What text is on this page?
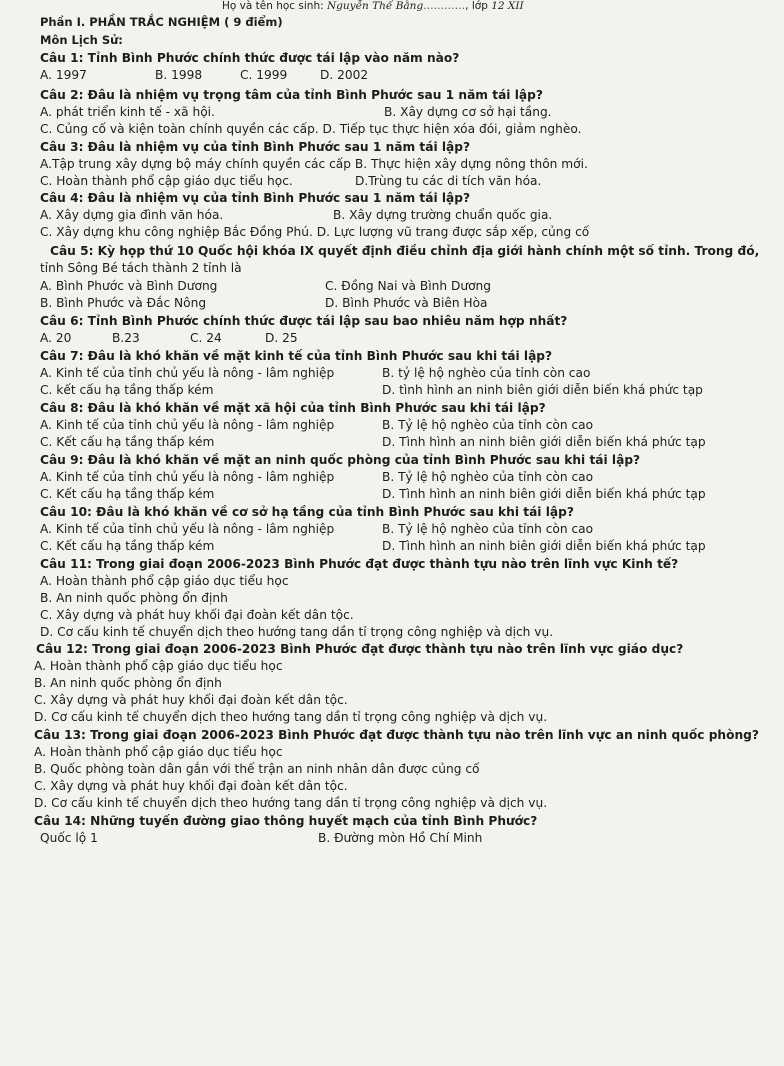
Họ và tên học sinh: Nguyễn Thế Bằng…………, lớp 12 XII
Phần I. PHẦN TRẮC NGHIỆM ( 9 điểm)
Môn Lịch Sử:
Câu 1: Tỉnh Bình Phước chính thức được tái lập vào năm nào?
A. 1997	B. 1998	C. 1999	D. 2002
Câu 2: Đâu là nhiệm vụ trọng tâm của tỉnh Bình Phước sau 1 năm tái lập?
A. phát triển kinh tế - xã hội.	B. Xây dựng cơ sở hại tầng.
C. Củng cố và kiện toàn chính quyền các cấp. D. Tiếp tục thực hiện xóa đói, giảm nghèo.
Câu 3: Đâu là nhiệm vụ của tỉnh Bình Phước sau 1 năm tái lập?
A.Tập trung xây dựng bộ máy chính quyền các cấp B. Thực hiện xây dựng nông thôn mới.
C. Hoàn thành phổ cập giáo dục tiểu học.	D.Trùng tu các di tích văn hóa.
Câu 4: Đâu là nhiệm vụ của tỉnh Bình Phước sau 1 năm tái lập?
A. Xây dựng gia đình văn hóa.	B. Xây dựng trường chuẩn quốc gia.
C. Xây dựng khu công nghiệp Bắc Đồng Phú. D. Lực lượng vũ trang được sắp xếp, củng cố
Câu 5: Kỳ họp thứ 10 Quốc hội khóa IX quyết định điều chỉnh địa giới hành chính một số tỉnh. Trong đó,
tỉnh Sông Bé tách thành 2 tỉnh là
A. Bình Phước và Bình Dương	C. Đồng Nai và Bình Dương
B. Bình Phước và Đắc Nông	D. Bình Phước và Biên Hòa
Câu 6: Tỉnh Bình Phước chính thức được tái lập sau bao nhiêu năm hợp nhất?
A. 20	B.23	C. 24	D. 25
Câu 7: Đâu là khó khăn về mặt kinh tế của tỉnh Bình Phước sau khi tái lập?
A. Kinh tế của tỉnh chủ yếu là nông - lâm nghiệp	B. tỷ lệ hộ nghèo của tỉnh còn cao
C. kết cấu hạ tầng thấp kém	D. tình hình an ninh biên giới diễn biến khá phức tạp
Câu 8: Đâu là khó khăn về mặt xã hội của tỉnh Bình Phước sau khi tái lập?
A. Kinh tế của tỉnh chủ yếu là nông - lâm nghiệp	B. Tỷ lệ hộ nghèo của tỉnh còn cao
C. Kết cấu hạ tầng thấp kém	D. Tình hình an ninh biên giới diễn biến khá phức tạp
Câu 9: Đâu là khó khăn về mặt an ninh quốc phòng của tỉnh Bình Phước sau khi tái lập?
A. Kinh tế của tỉnh chủ yếu là nông - lâm nghiệp	B. Tỷ lệ hộ nghèo của tỉnh còn cao
C. Kết cấu hạ tầng thấp kém	D. Tình hình an ninh biên giới diễn biến khá phức tạp
Câu 10: Đâu là khó khăn về cơ sở hạ tầng của tỉnh Bình Phước sau khi tái lập?
A. Kinh tế của tỉnh chủ yếu là nông - lâm nghiệp	B. Tỷ lệ hộ nghèo của tỉnh còn cao
C. Kết cấu hạ tầng thấp kém	D. Tình hình an ninh biên giới diễn biến khá phức tạp
Câu 11: Trong giai đoạn 2006-2023 Bình Phước đạt được thành tựu nào trên lĩnh vực Kinh tế?
A. Hoàn thành phổ cập giáo dục tiểu học
B. An ninh quốc phòng ổn định
C. Xây dựng và phát huy khối đại đoàn kết dân tộc.
D. Cơ cấu kinh tế chuyển dịch theo hướng tang dần tỉ trọng công nghiệp và dịch vụ.
Câu 12: Trong giai đoạn 2006-2023 Bình Phước đạt được thành tựu nào trên lĩnh vực giáo dục?
A. Hoàn thành phổ cập giáo dục tiểu học
B. An ninh quốc phòng ổn định
C. Xây dựng và phát huy khối đại đoàn kết dân tộc.
D. Cơ cấu kinh tế chuyển dịch theo hướng tang dần tỉ trọng công nghiệp và dịch vụ.
Câu 13: Trong giai đoạn 2006-2023 Bình Phước đạt được thành tựu nào trên lĩnh vực an ninh quốc phòng?
A. Hoàn thành phổ cập giáo dục tiểu học
B. Quốc phòng toàn dân gắn với thế trận an ninh nhân dân được củng cố
C. Xây dựng và phát huy khối đại đoàn kết dân tộc.
D. Cơ cấu kinh tế chuyển dịch theo hướng tang dần tỉ trọng công nghiệp và dịch vụ.
Câu 14: Những tuyến đường giao thông huyết mạch của tỉnh Bình Phước?
Quốc lộ 1	B. Đường mòn Hồ Chí Minh
